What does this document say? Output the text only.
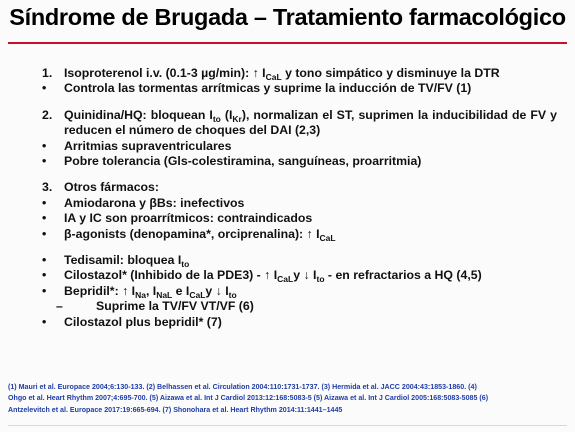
Síndrome de Brugada – Tratamiento farmacológico
1. Isoproterenol i.v. (0.1-3 µg/min): ↑ $I_{CaL}$ y tono simpático y disminuye la DTR
•	Controla las tormentas arrítmicas y suprime la inducción de TV/FV (1)
2. Quinidina/HQ: bloquean $I_{to}$ $(I_{Kr})$, normalizan el ST, suprimen la inducibilidad de FV y reducen el número de choques del DAI (2,3)
•	Arritmias supraventriculares
•	Pobre tolerancia (Gls-colestiramina, sanguíneas, proarritmia)
3. Otros fármacos:
•	Amiodarona y βBs: inefectivos
•	IA y IC son proarrítmicos: contraindicados
•	β-agonists (denopamina*, orciprenalina): ↑ $I_{CaL}$
•	Tedisamil: bloquea $I_{to}$
•	Cilostazol* (Inhibido de la PDE3) - ↑ $I_{CaL}y$ ↓ $I_{to}$ - en refractarios a HQ (4,5)
•	Bepridil*: ↑ $I_{Na}$, $I_{NaL}$ e $I_{CaL}y$ ↓ $I_{to}$
–	Suprime la TV/FV VT/VF (6)
•	Cilostazol plus bepridil* (7)
(1) Mauri et al. Europace 2004;6:130-133. (2) Belhassen et al. Circulation 2004:110:1731-1737. (3) Hermida et al. JACC 2004:43:1853-1860. (4)
Ohgo et al. Heart Rhythm 2007;4:695-700. (5) Aizawa et al. Int J Cardiol 2013:12:168:5083-5 (5) Aizawa et al. Int J Cardiol 2005:168:5083-5085 (6)
Antzelevitch et al. Europace 2017:19:665-694. (7) Shonohara et al. Heart Rhythm 2014:11:1441–1445
